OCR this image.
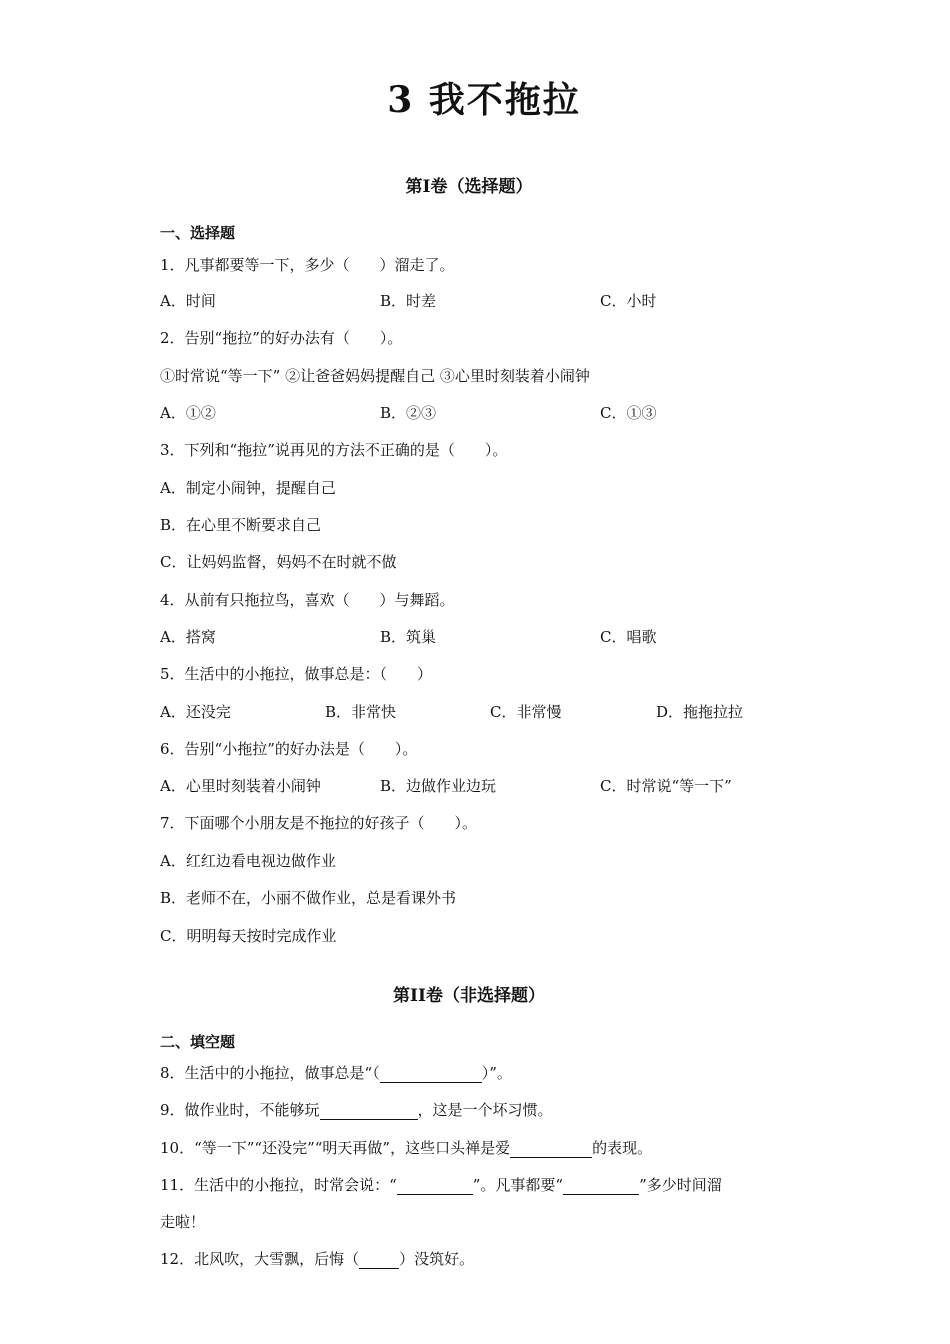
3 我不拖拉
第Ⅰ卷（选择题）
一、选择题
1．凡事都要等一下，多少（　　）溜走了。
A．时间	B．时差	C．小时
2．告别“拖拉”的好办法有（　　）。
①时常说“等一下” ②让爸爸妈妈提醒自己 ③心里时刻装着小闹钟
A．①②	B．②③	C．①③
3．下列和“拖拉”说再见的方法不正确的是（　　）。
A．制定小闹钟，提醒自己
B．在心里不断要求自己
C．让妈妈监督，妈妈不在时就不做
4．从前有只拖拉鸟，喜欢（　　）与舞蹈。
A．搭窝	B．筑巢	C．唱歌
5．生活中的小拖拉，做事总是：（　　）
A．还没完	B．非常快	C．非常慢	D．拖拖拉拉
6．告别“小拖拉”的好办法是（　　）。
A．心里时刻装着小闹钟	B．边做作业边玩	C．时常说“等一下”
7．下面哪个小朋友是不拖拉的好孩子（　　）。
A．红红边看电视边做作业
B．老师不在，小丽不做作业，总是看课外书
C．明明每天按时完成作业
第II卷（非选择题）
二、填空题
8．生活中的小拖拉，做事总是“（	）”。
9．做作业时，不能够玩	，这是一个坏习惯。
10．“等一下”“还没完”“明天再做”，这些口头禅是爱	的表现。
11．生活中的小拖拉，时常会说：“	”。凡事都要“	”多少时间溜
走啦！
12．北风吹，大雪飘，后悔（	）没筑好。
